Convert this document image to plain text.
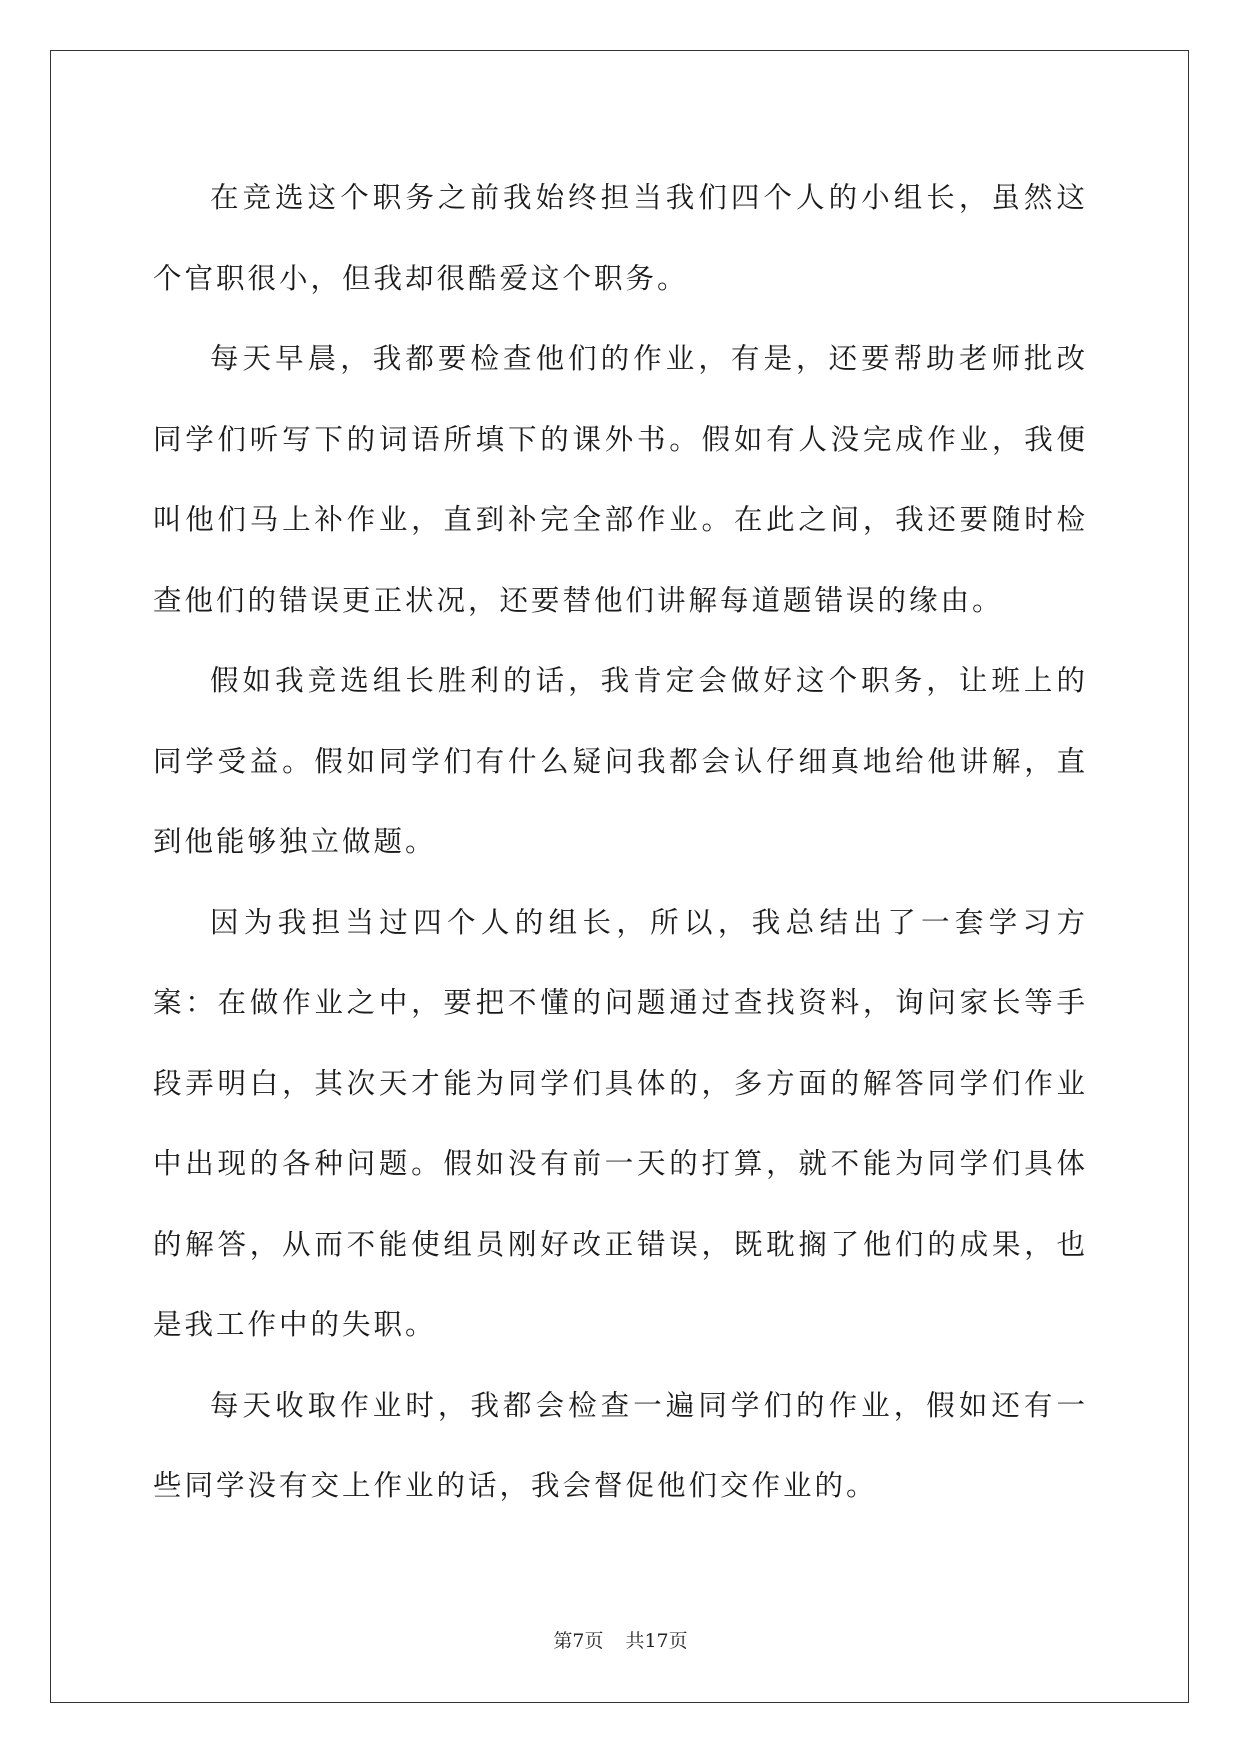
在竞选这个职务之前我始终担当我们四个人的小组长，虽然这个官职很小，但我却很酷爱这个职务。

每天早晨，我都要检查他们的作业，有是，还要帮助老师批改同学们听写下的词语所填下的课外书。假如有人没完成作业，我便叫他们马上补作业，直到补完全部作业。在此之间，我还要随时检查他们的错误更正状况，还要替他们讲解每道题错误的缘由。

假如我竞选组长胜利的话，我肯定会做好这个职务，让班上的同学受益。假如同学们有什么疑问我都会认仔细真地给他讲解，直到他能够独立做题。

因为我担当过四个人的组长，所以，我总结出了一套学习方案：在做作业之中，要把不懂的问题通过查找资料，询问家长等手段弄明白，其次天才能为同学们具体的，多方面的解答同学们作业中出现的各种问题。假如没有前一天的打算，就不能为同学们具体的解答，从而不能使组员刚好改正错误，既耽搁了他们的成果，也是我工作中的失职。

每天收取作业时，我都会检查一遍同学们的作业，假如还有一些同学没有交上作业的话，我会督促他们交作业的。

第7页 共17页
